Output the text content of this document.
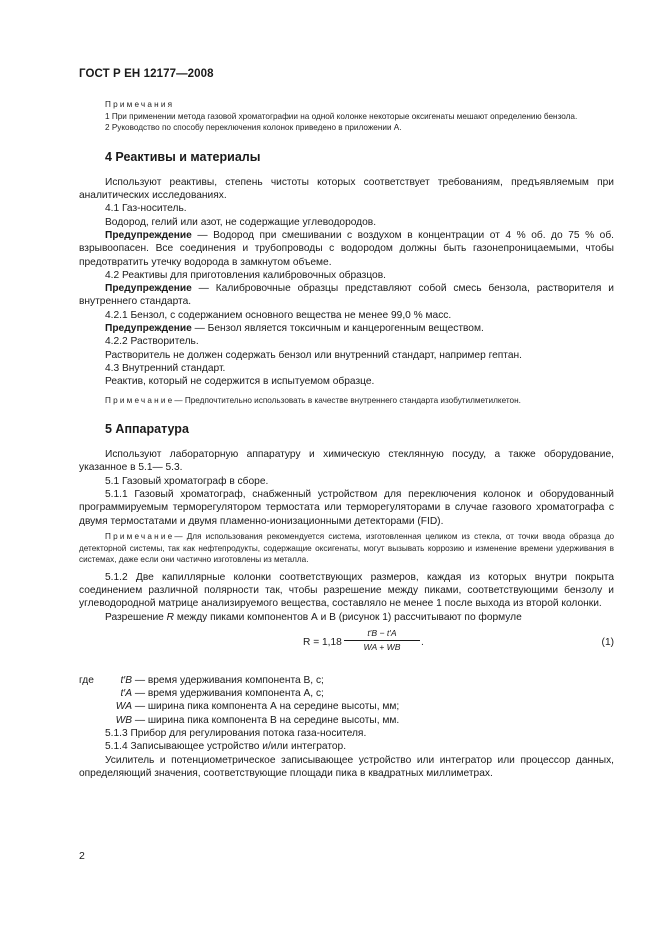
ГОСТ Р ЕН 12177—2008

Примечания

1 При применении метода газовой хроматографии на одной колонке некоторые оксигенаты мешают определению бензола.

2 Руководство по способу переключения колонок приведено в приложении А.

4 Реактивы и материалы

Используют реактивы, степень чистоты которых соответствует требованиям, предъявляемым при аналитических исследованиях.

4.1 Газ-носитель.

Водород, гелий или азот, не содержащие углеводородов.

Предупреждение — Водород при смешивании с воздухом в концентрации от 4 % об. до 75 % об. взрывоопасен. Все соединения и трубопроводы с водородом должны быть газонепроницаемыми, чтобы предотвратить утечку водорода в замкнутом объеме.

4.2 Реактивы для приготовления калибровочных образцов.

Предупреждение — Калибровочные образцы представляют собой смесь бензола, растворителя и внутреннего стандарта.

4.2.1 Бензол, с содержанием основного вещества не менее 99,0 % масс.

Предупреждение — Бензол является токсичным и канцерогенным веществом.

4.2.2 Растворитель.

Растворитель не должен содержать бензол или внутренний стандарт, например гептан.

4.3 Внутренний стандарт.

Реактив, который не содержится в испытуемом образце.

Примечание— Предпочтительно использовать в качестве внутреннего стандарта изобутилметилкетон.

5 Аппаратура

Используют лабораторную аппаратуру и химическую стеклянную посуду, а также оборудование, указанное в 5.1— 5.3.

5.1 Газовый хроматограф в сборе.

5.1.1 Газовый хроматограф, снабженный устройством для переключения колонок и оборудованный программируемым терморегулятором термостата или терморегуляторами в случае газового хроматографа с двумя термостатами и двумя пламенно-ионизационными детекторами (FID).

Примечание— Для использования рекомендуется система, изготовленная целиком из стекла, от точки ввода образца до детекторной системы, так как нефтепродукты, содержащие оксигенаты, могут вызывать коррозию и изменение времени удерживания в системах, даже если они частично изготовлены из металла.

5.1.2 Две капиллярные колонки соответствующих размеров, каждая из которых внутри покрыта соединением различной полярности так, чтобы разрешение между пиками, соответствующими бензолу и углеводородной матрице анализируемого вещества, составляло не менее 1 после выхода из второй колонки.

Разрешение R между пиками компонентов А и В (рисунок 1) рассчитывают по формуле

R = 1,18
t′B − t′A
WA + WB	.	(1)
где	t′B — время удерживания компонента В, с;
t′A — время удерживания компонента А, с;
WA — ширина пика компонента А на середине высоты, мм;
WB — ширина пика компонента В на середине высоты, мм.

5.1.3 Прибор для регулирования потока газа-носителя.

5.1.4 Записывающее устройство и/или интегратор.

Усилитель и потенциометрическое записывающее устройство или интегратор или процессор данных, определяющий значения, соответствующие площади пика в квадратных миллиметрах.

2
